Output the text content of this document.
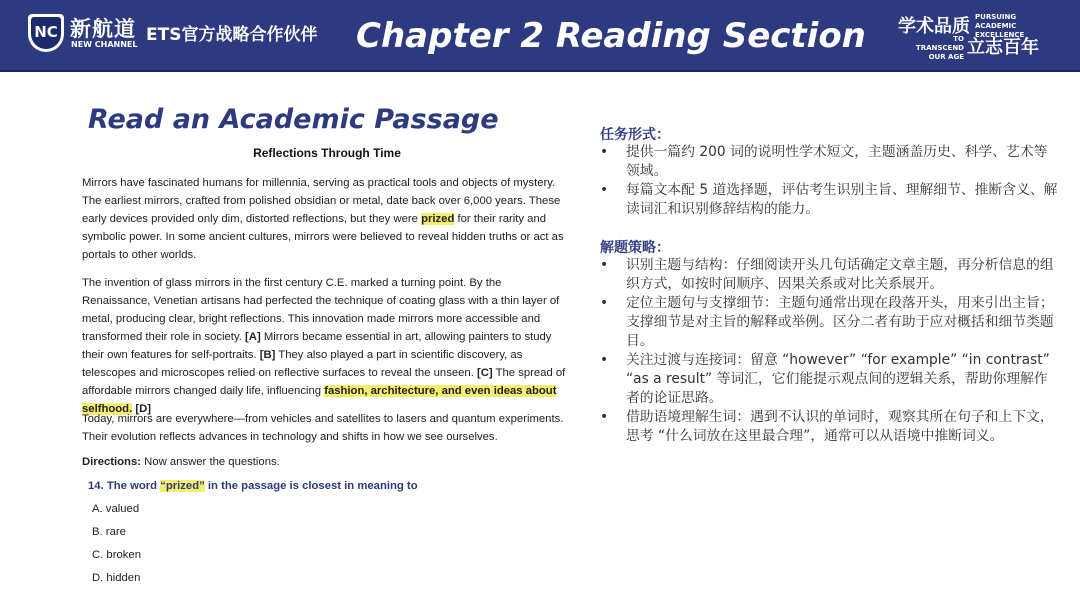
NC 新航道
NEW CHANNEL ETS官方战略合作伙伴 Chapter 2 Reading Section 学术品质 PURSUING ACADEMIC EXCELLENCE
TO TRANSCEND OUR AGE 立志百年
Read an Academic Passage
Reflections Through Time

Mirrors have fascinated humans for millennia, serving as practical tools and objects of mystery. The earliest mirrors, crafted from polished obsidian or metal, date back over 6,000 years. These early devices provided only dim, distorted reflections, but they were prized for their rarity and symbolic power. In some ancient cultures, mirrors were believed to reveal hidden truths or act as portals to other worlds.

The invention of glass mirrors in the first century C.E. marked a turning point. By the Renaissance, Venetian artisans had perfected the technique of coating glass with a thin layer of metal, producing clear, bright reflections. This innovation made mirrors more accessible and transformed their role in society. [A] Mirrors became essential in art, allowing painters to study their own features for self-portraits. [B] They also played a part in scientific discovery, as telescopes and microscopes relied on reflective surfaces to reveal the unseen. [C] The spread of affordable mirrors changed daily life, influencing fashion, architecture, and even ideas about selfhood. [D]

Today, mirrors are everywhere—from vehicles and satellites to lasers and quantum experiments. Their evolution reflects advances in technology and shifts in how we see ourselves.

Directions: Now answer the questions.
14. The word “prized” in the passage is closest in meaning to
A. valued
B. rare
C. broken
D. hidden
任务形式：
• 提供一篇约 200 词的说明性学术短文，主题涵盖历史、科学、艺术等领域。
• 每篇文本配 5 道选择题，评估考生识别主旨、理解细节、推断含义、解读词汇和识别修辞结构的能力。
解题策略：
• 识别主题与结构：仔细阅读开头几句话确定文章主题，再分析信息的组织方式，如按时间顺序、因果关系或对比关系展开。
• 定位主题句与支撑细节：主题句通常出现在段落开头，用来引出主旨；支撑细节是对主旨的解释或举例。区分二者有助于应对概括和细节类题目。
• 关注过渡与连接词：留意 “however” “for example” “in contrast” “as a result” 等词汇，它们能提示观点间的逻辑关系，帮助你理解作者的论证思路。
• 借助语境理解生词：遇到不认识的单词时，观察其所在句子和上下文，思考 “什么词放在这里最合理”，通常可以从语境中推断词义。
